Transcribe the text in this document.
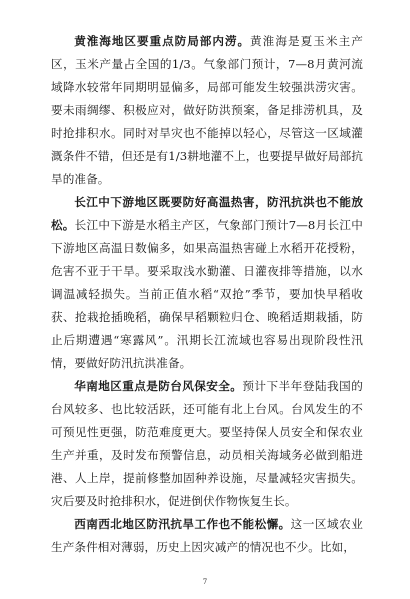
黄淮海地区要重点防局部内涝。黄淮海是夏玉米主产区，玉米产量占全国的1/3。气象部门预计，7—8月黄河流域降水较常年同期明显偏多，局部可能发生较强洪涝灾害。要未雨绸缪、积极应对，做好防洪预案，备足排涝机具，及时抢排积水。同时对旱灾也不能掉以轻心，尽管这一区域灌溉条件不错，但还是有1/3耕地灌不上，也要提早做好局部抗旱的准备。

长江中下游地区既要防好高温热害，防汛抗洪也不能放松。长江中下游是水稻主产区，气象部门预计7—8月长江中下游地区高温日数偏多，如果高温热害碰上水稻开花授粉，危害不亚于干旱。要采取浅水勤灌、日灌夜排等措施，以水调温减轻损失。当前正值水稻“双抢”季节，要加快早稻收获、抢栽抢插晚稻，确保早稻颗粒归仓、晚稻适期栽插，防止后期遭遇“寒露风”。汛期长江流域也容易出现阶段性汛情，要做好防汛抗洪准备。

华南地区重点是防台风保安全。预计下半年登陆我国的台风较多、也比较活跃，还可能有北上台风。台风发生的不可预见性更强，防范难度更大。要坚持保人员安全和保农业生产并重，及时发布预警信息，动员相关海域务必做到船进港、人上岸，提前修整加固种养设施，尽量减轻灾害损失。灾后要及时抢排积水，促进倒伏作物恢复生长。

西南西北地区防汛抗旱工作也不能松懈。这一区域农业生产条件相对薄弱，历史上因灾减产的情况也不少。比如，

7
